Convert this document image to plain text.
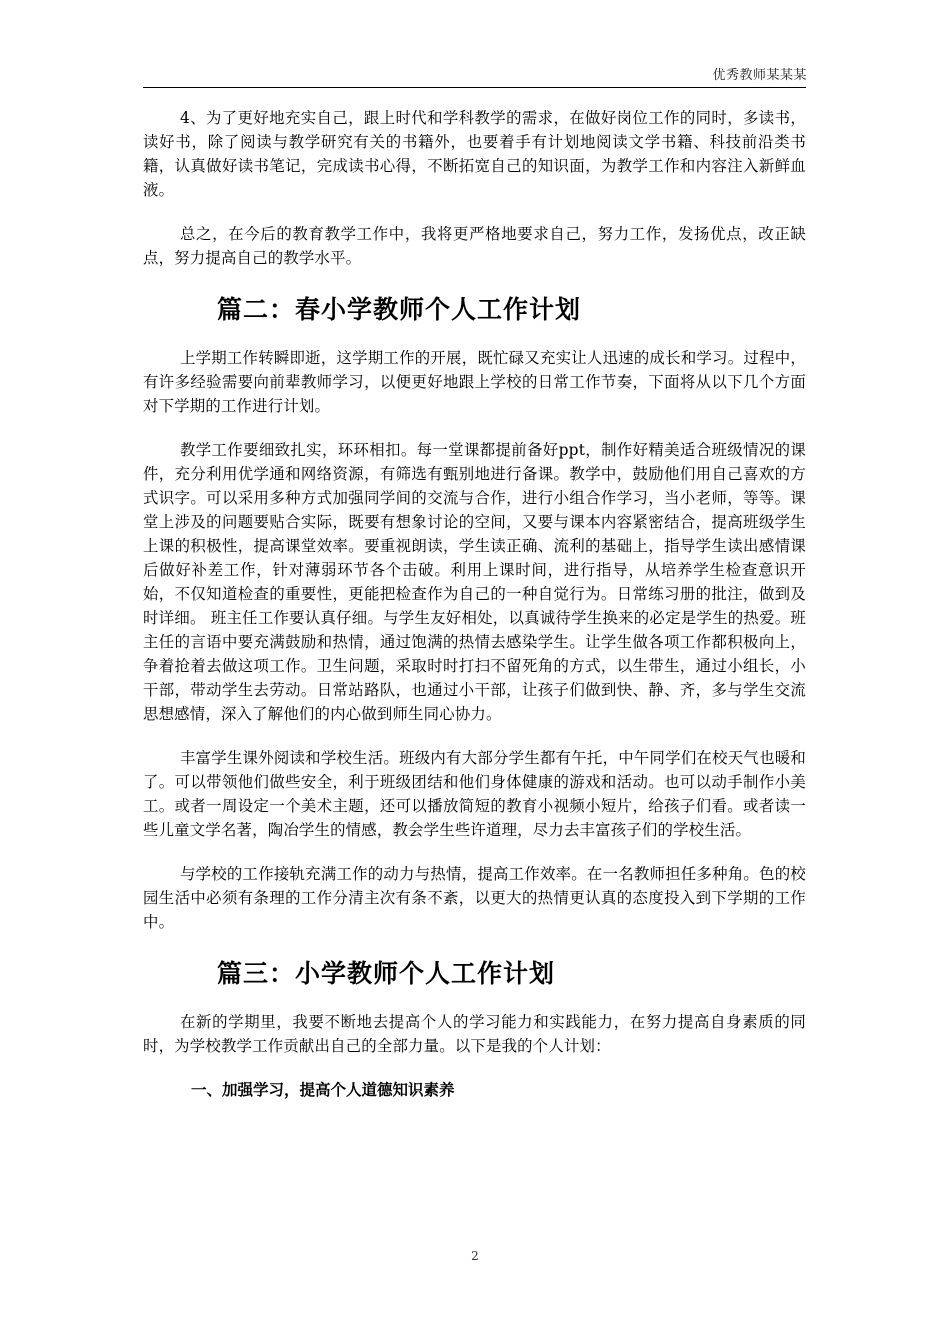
优秀教师某某某

4、为了更好地充实自己，跟上时代和学科教学的需求，在做好岗位工作的同时，多读书，读好书，除了阅读与教学研究有关的书籍外，也要着手有计划地阅读文学书籍、科技前沿类书籍，认真做好读书笔记，完成读书心得，不断拓宽自己的知识面，为教学工作和内容注入新鲜血液。

总之，在今后的教育教学工作中，我将更严格地要求自己，努力工作，发扬优点，改正缺点，努力提高自己的教学水平。

篇二：春小学教师个人工作计划

上学期工作转瞬即逝，这学期工作的开展，既忙碌又充实让人迅速的成长和学习。过程中，有许多经验需要向前辈教师学习，以便更好地跟上学校的日常工作节奏，下面将从以下几个方面对下学期的工作进行计划。

教学工作要细致扎实，环环相扣。每一堂课都提前备好ppt，制作好精美适合班级情况的课件，充分利用优学通和网络资源，有筛选有甄别地进行备课。教学中，鼓励他们用自己喜欢的方式识字。可以采用多种方式加强同学间的交流与合作，进行小组合作学习，当小老师，等等。课堂上涉及的问题要贴合实际，既要有想象讨论的空间，又要与课本内容紧密结合，提高班级学生上课的积极性，提高课堂效率。要重视朗读，学生读正确、流利的基础上，指导学生读出感情课后做好补差工作，针对薄弱环节各个击破。利用上课时间，进行指导，从培养学生检查意识开始，不仅知道检查的重要性，更能把检查作为自己的一种自觉行为。日常练习册的批注，做到及时详细。 班主任工作要认真仔细。与学生友好相处，以真诚待学生换来的必定是学生的热爱。班主任的言语中要充满鼓励和热情，通过饱满的热情去感染学生。让学生做各项工作都积极向上，争着抢着去做这项工作。卫生问题，采取时时打扫不留死角的方式，以生带生，通过小组长，小干部，带动学生去劳动。日常站路队，也通过小干部，让孩子们做到快、静、齐，多与学生交流思想感情，深入了解他们的内心做到师生同心协力。

丰富学生课外阅读和学校生活。班级内有大部分学生都有午托，中午同学们在校天气也暖和了。可以带领他们做些安全，利于班级团结和他们身体健康的游戏和活动。也可以动手制作小美工。或者一周设定一个美术主题，还可以播放简短的教育小视频小短片，给孩子们看。或者读一些儿童文学名著，陶冶学生的情感，教会学生些许道理，尽力去丰富孩子们的学校生活。

与学校的工作接轨充满工作的动力与热情，提高工作效率。在一名教师担任多种角。色的校园生活中必须有条理的工作分清主次有条不紊，以更大的热情更认真的态度投入到下学期的工作中。

篇三：小学教师个人工作计划

在新的学期里，我要不断地去提高个人的学习能力和实践能力，在努力提高自身素质的同时，为学校教学工作贡献出自己的全部力量。以下是我的个人计划：

一、加强学习，提高个人道德知识素养
2
